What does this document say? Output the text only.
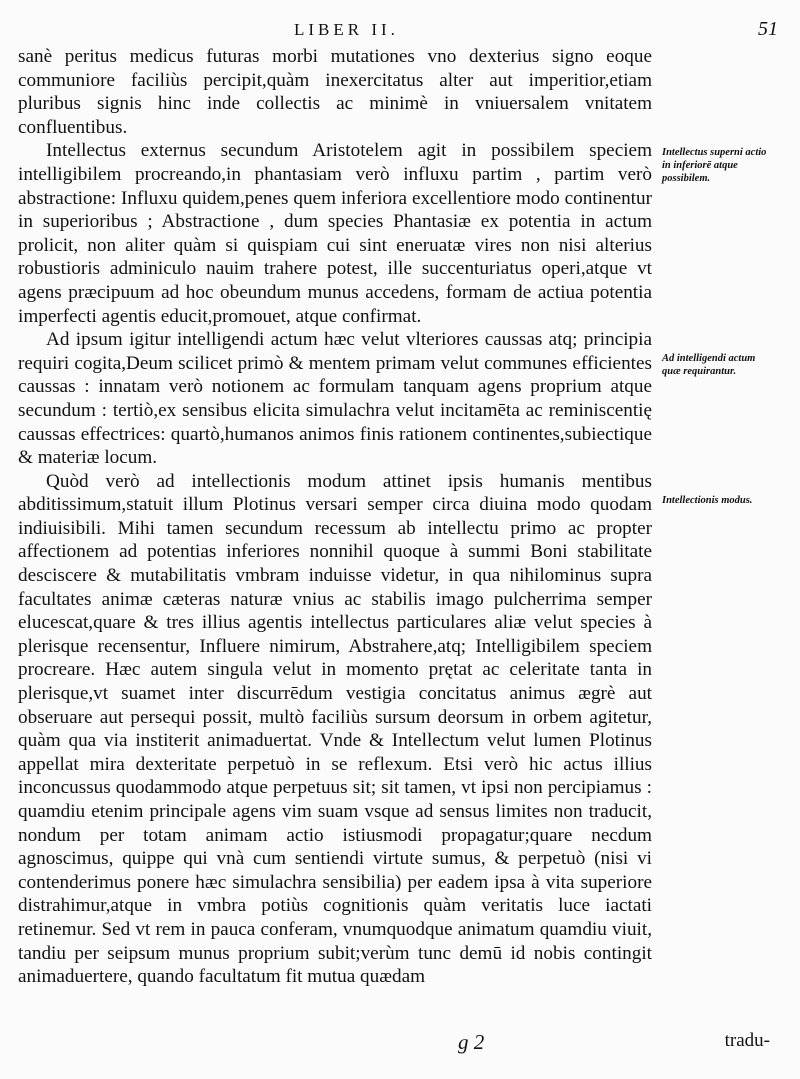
LIBER II.	51

sanè peritus medicus futuras morbi mutationes vno dexterius signo eoque communiore faciliùs percipit,quàm inexercitatus alter aut imperitior,etiam pluribus signis hinc inde collectis ac minimè in vniuersalem vnitatem confluentibus.

Intellectus externus secundum Aristotelem agit in possibilem speciem intelligibilem procreando,in phantasiam verò influxu partim , partim verò abstractione: Influxu quidem,penes quem inferiora excellentiore modo continentur in superioribus ; Abstractione , dum species Phantasiæ ex potentia in actum prolicit, non aliter quàm si quispiam cui sint eneruatæ vires non nisi alterius robustioris adminiculo nauim trahere potest, ille succenturiatus operi,atque vt agens præcipuum ad hoc obeundum munus accedens, formam de actiua potentia imperfecti agentis educit,promouet, atque confirmat.

Ad ipsum igitur intelligendi actum hæc velut vlteriores caussas atq; principia requiri cogita,Deum scilicet primò & mentem primam velut communes efficientes caussas : innatam verò notionem ac formulam tanquam agens proprium atque secundum : tertiò,ex sensibus elicita simulachra velut incitamēta ac reminiscentię caussas effectrices: quartò,humanos animos finis rationem continentes,subiectique & materiæ locum.

Quòd verò ad intellectionis modum attinet ipsis humanis mentibus abditissimum,statuit illum Plotinus versari semper circa diuina modo quodam indiuisibili. Mihi tamen secundum recessum ab intellectu primo ac propter affectionem ad potentias inferiores nonnihil quoque à summi Boni stabilitate desciscere & mutabilitatis vmbram induisse videtur, in qua nihilominus supra facultates animæ cæteras naturæ vnius ac stabilis imago pulcherrima semper elucescat,quare & tres illius agentis intellectus particulares aliæ velut species à plerisque recensentur, Influere nimirum, Abstrahere,atq; Intelligibilem speciem procreare. Hæc autem singula velut in momento prętat ac celeritate tanta in plerisque,vt suamet inter discurrēdum vestigia concitatus animus ægrè aut obseruare aut persequi possit, multò faciliùs sursum deorsum in orbem agitetur, quàm qua via institerit animaduertat. Vnde & Intellectum velut lumen Plotinus appellat mira dexteritate perpetuò in se reflexum. Etsi verò hic actus illius inconcussus quodammodo atque perpetuus sit; sit tamen, vt ipsi non percipiamus : quamdiu etenim principale agens vim suam vsque ad sensus limites non traducit, nondum per totam animam actio istiusmodi propagatur;quare necdum agnoscimus, quippe qui vnà cum sentiendi virtute sumus, & perpetuò (nisi vi contenderimus ponere hæc simulachra sensibilia) per eadem ipsa à vita superiore distrahimur,atque in vmbra potiùs cognitionis quàm veritatis luce iactati retinemur. Sed vt rem in pauca conferam, vnumquodque animatum quamdiu viuit, tandiu per seipsum munus proprium subit;verùm tunc demū id nobis contingit animaduertere, quando facultatum fit mutua quædam

Intellectus superni actio in inferiorē atque possibilem.
Ad intelligendi actum quæ requirantur.
Intellectionis modus.
g 2	tradu-
